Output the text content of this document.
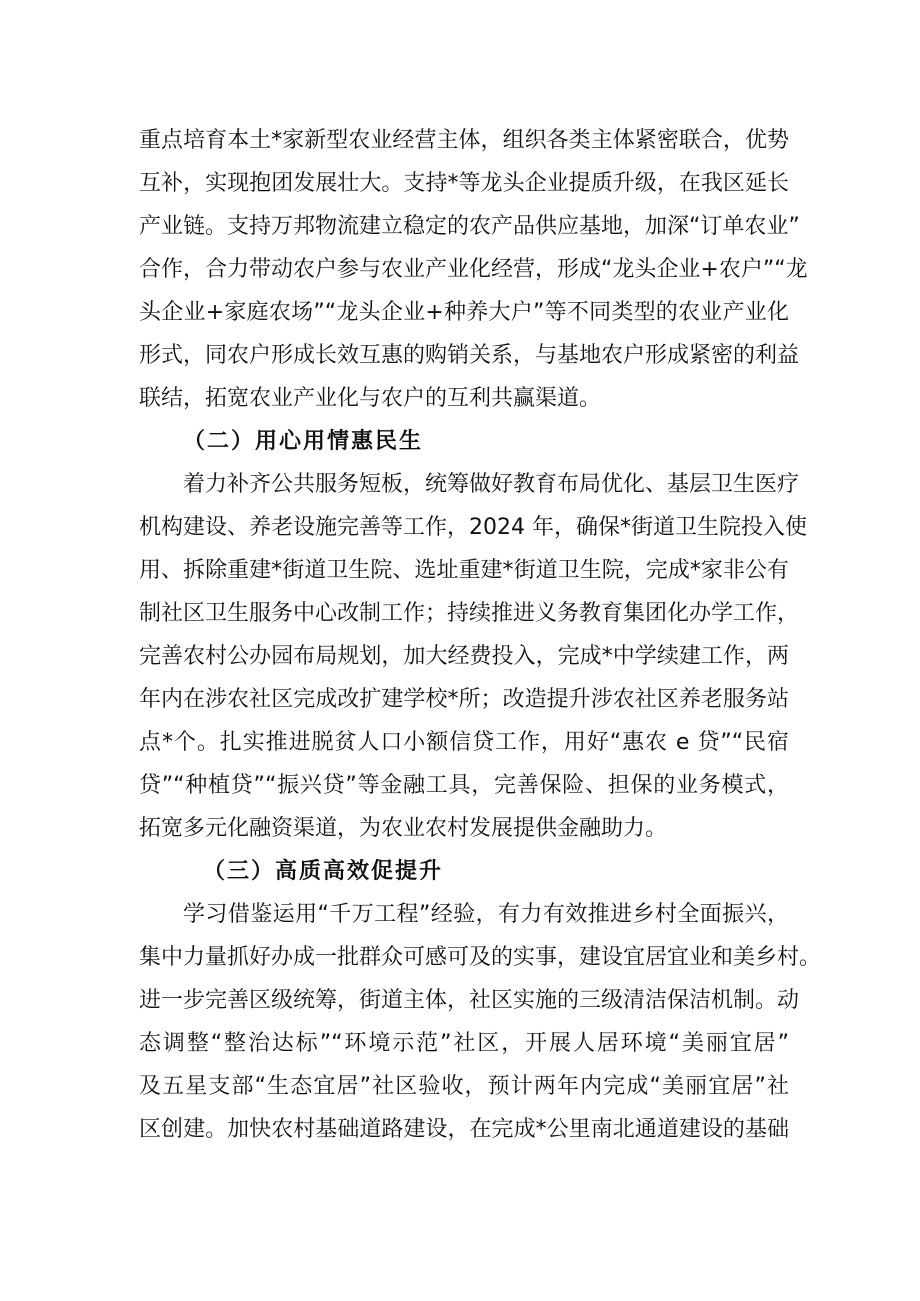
重点培育本土*家新型农业经营主体，组织各类主体紧密联合，优势
互补，实现抱团发展壮大。支持*等龙头企业提质升级，在我区延长
产业链。支持万邦物流建立稳定的农产品供应基地，加深“订单农业”
合作，合力带动农户参与农业产业化经营，形成“龙头企业+农户”“龙
头企业+家庭农场”“龙头企业+种养大户”等不同类型的农业产业化
形式，同农户形成长效互惠的购销关系，与基地农户形成紧密的利益
联结，拓宽农业产业化与农户的互利共赢渠道。
（二）用心用情惠民生
着力补齐公共服务短板，统筹做好教育布局优化、基层卫生医疗
机构建设、养老设施完善等工作，2024 年，确保*街道卫生院投入使
用、拆除重建*街道卫生院、选址重建*街道卫生院，完成*家非公有
制社区卫生服务中心改制工作；持续推进义务教育集团化办学工作，
完善农村公办园布局规划，加大经费投入，完成*中学续建工作，两
年内在涉农社区完成改扩建学校*所；改造提升涉农社区养老服务站
点*个。扎实推进脱贫人口小额信贷工作，用好“惠农 e 贷”“民宿
贷”“种植贷”“振兴贷”等金融工具，完善保险、担保的业务模式，
拓宽多元化融资渠道，为农业农村发展提供金融助力。
（三）高质高效促提升
学习借鉴运用“千万工程”经验，有力有效推进乡村全面振兴，
集中力量抓好办成一批群众可感可及的实事，建设宜居宜业和美乡村。
进一步完善区级统筹，街道主体，社区实施的三级清洁保洁机制。动
态调整“整治达标”“环境示范”社区，开展人居环境“美丽宜居”
及五星支部“生态宜居”社区验收，预计两年内完成“美丽宜居”社
区创建。加快农村基础道路建设，在完成*公里南北通道建设的基础
